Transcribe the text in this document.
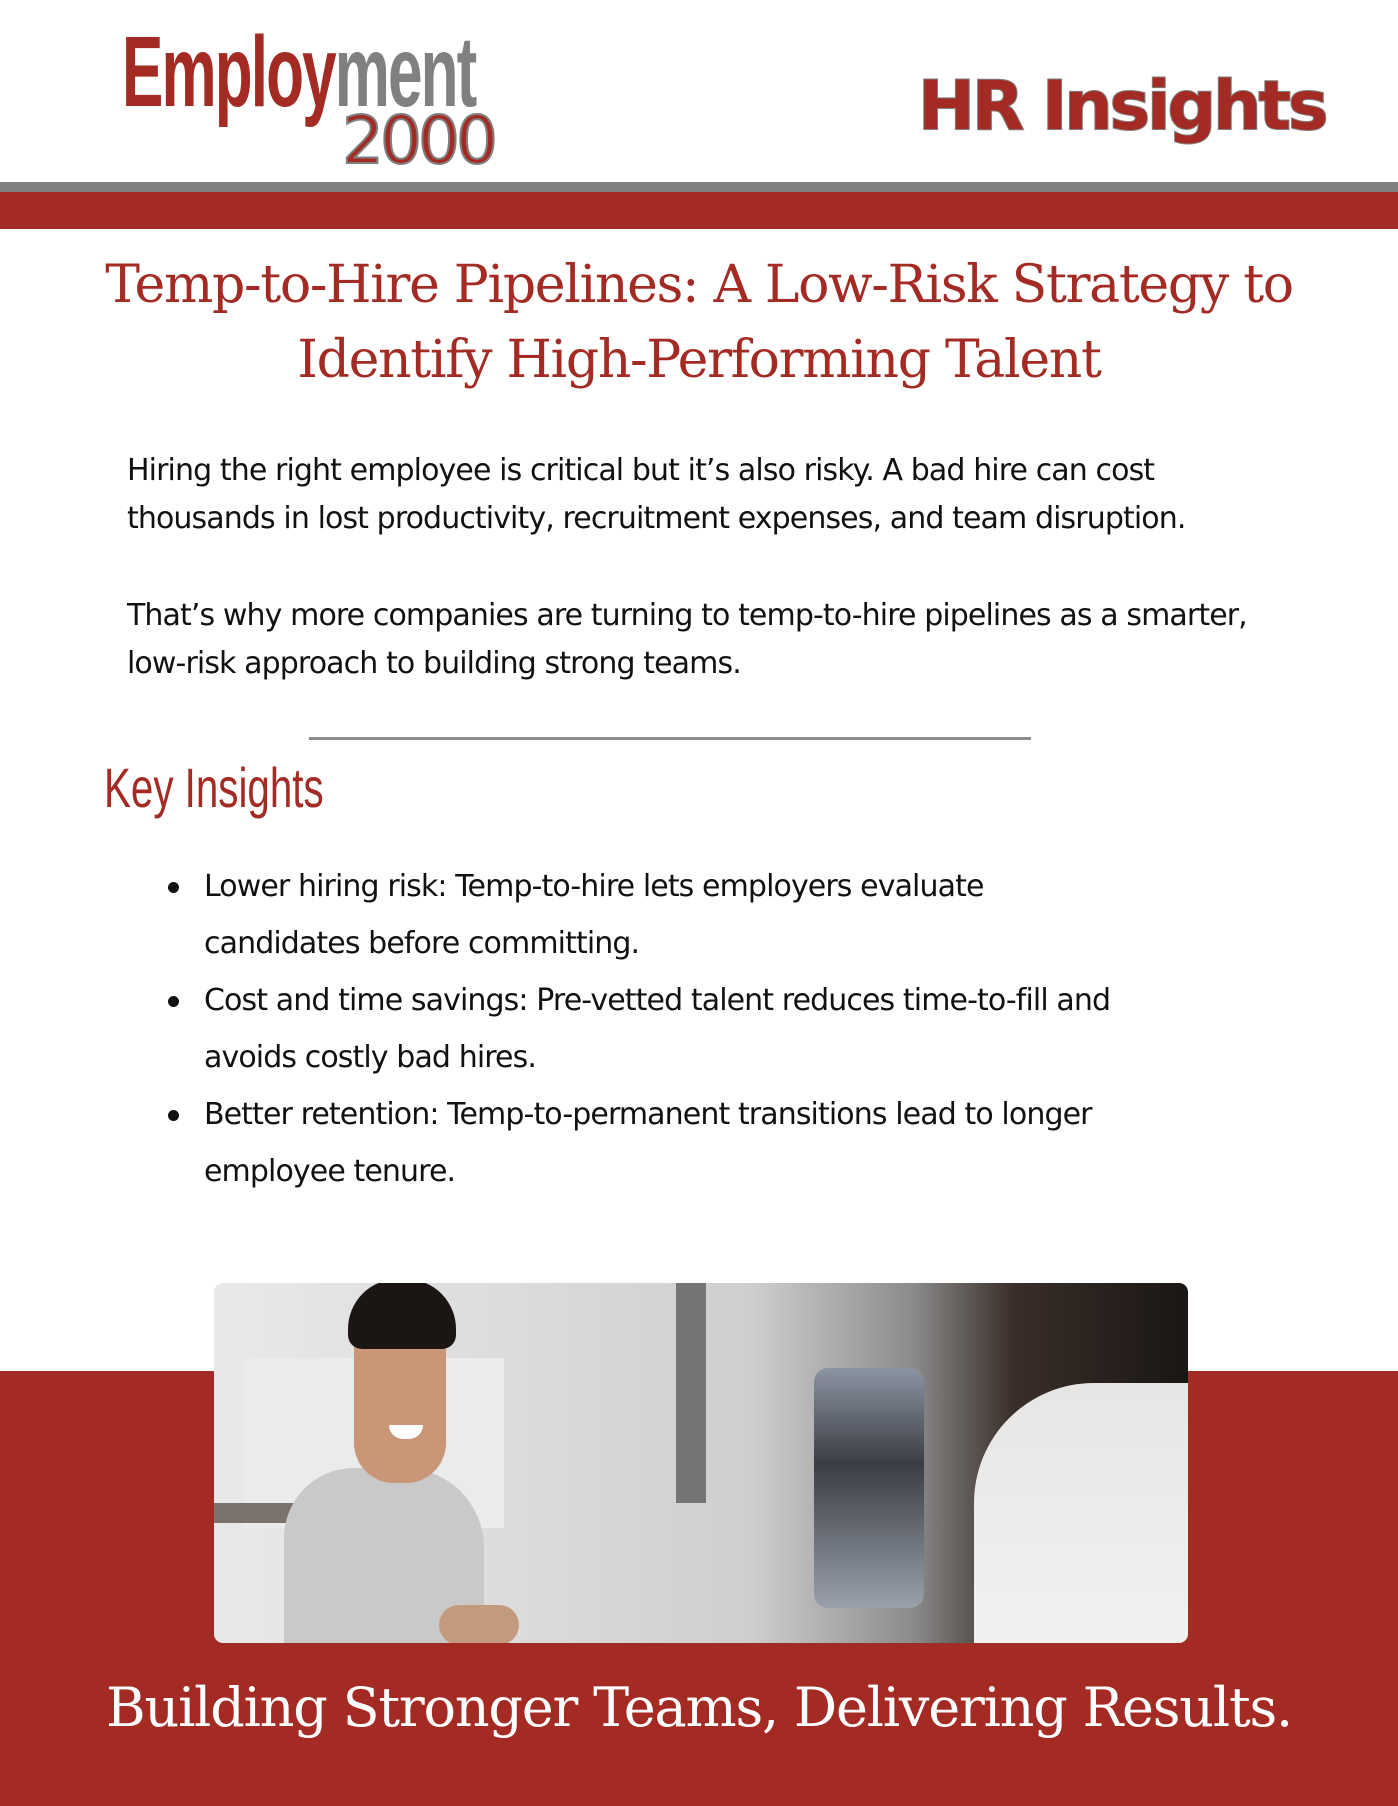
Employment
2000	HR Insights
Temp-to-Hire Pipelines: A Low-Risk Strategy to Identify High-Performing Talent

Hiring the right employee is critical but it’s also risky. A bad hire can cost thousands in lost productivity, recruitment expenses, and team disruption.

That’s why more companies are turning to temp-to-hire pipelines as a smarter, low-risk approach to building strong teams.

Key Insights
Lower hiring risk: Temp-to-hire lets employers evaluate candidates before committing.
Cost and time savings: Pre-vetted talent reduces time-to-fill and avoids costly bad hires.
Better retention: Temp-to-permanent transitions lead to longer employee tenure.
Building Stronger Teams, Delivering Results.
